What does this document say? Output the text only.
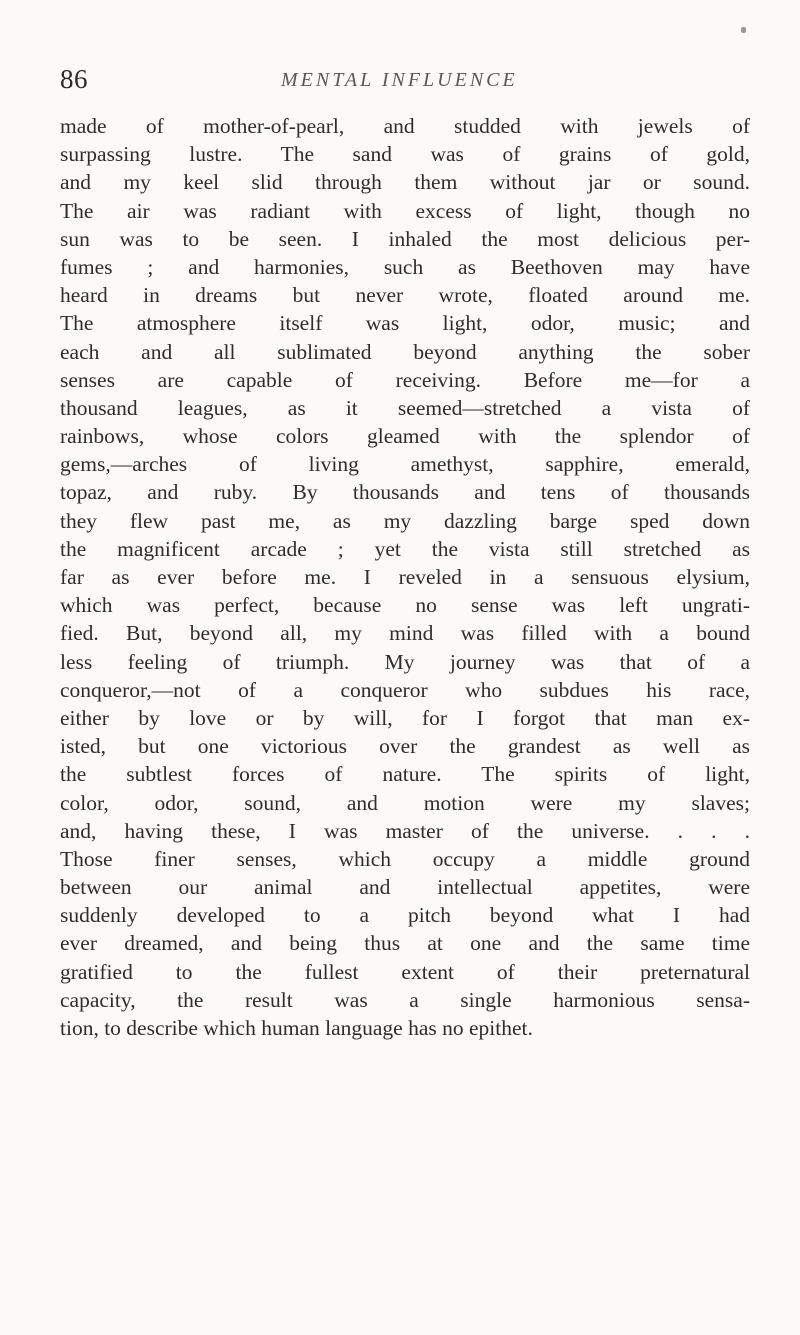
86	MENTAL INFLUENCE
made of mother-of-pearl, and studded with jewels of
surpassing lustre. The sand was of grains of gold,
and my keel slid through them without jar or sound.
The air was radiant with excess of light, though no
sun was to be seen. I inhaled the most delicious per-
fumes ; and harmonies, such as Beethoven may have
heard in dreams but never wrote, floated around me.
The atmosphere itself was light, odor, music; and
each and all sublimated beyond anything the sober
senses are capable of receiving. Before me—for a
thousand leagues, as it seemed—stretched a vista of
rainbows, whose colors gleamed with the splendor of
gems,—arches of living amethyst, sapphire, emerald,
topaz, and ruby. By thousands and tens of thousands
they flew past me, as my dazzling barge sped down
the magnificent arcade ; yet the vista still stretched as
far as ever before me. I reveled in a sensuous elysium,
which was perfect, because no sense was left ungrati-
fied. But, beyond all, my mind was filled with a bound
less feeling of triumph. My journey was that of a
conqueror,—not of a conqueror who subdues his race,
either by love or by will, for I forgot that man ex-
isted, but one victorious over the grandest as well as
the subtlest forces of nature. The spirits of light,
color, odor, sound, and motion were my slaves;
and, having these, I was master of the universe. . . .
Those finer senses, which occupy a middle ground
between our animal and intellectual appetites, were
suddenly developed to a pitch beyond what I had
ever dreamed, and being thus at one and the same time
gratified to the fullest extent of their preternatural
capacity, the result was a single harmonious sensa-
tion, to describe which human language has no epithet.
